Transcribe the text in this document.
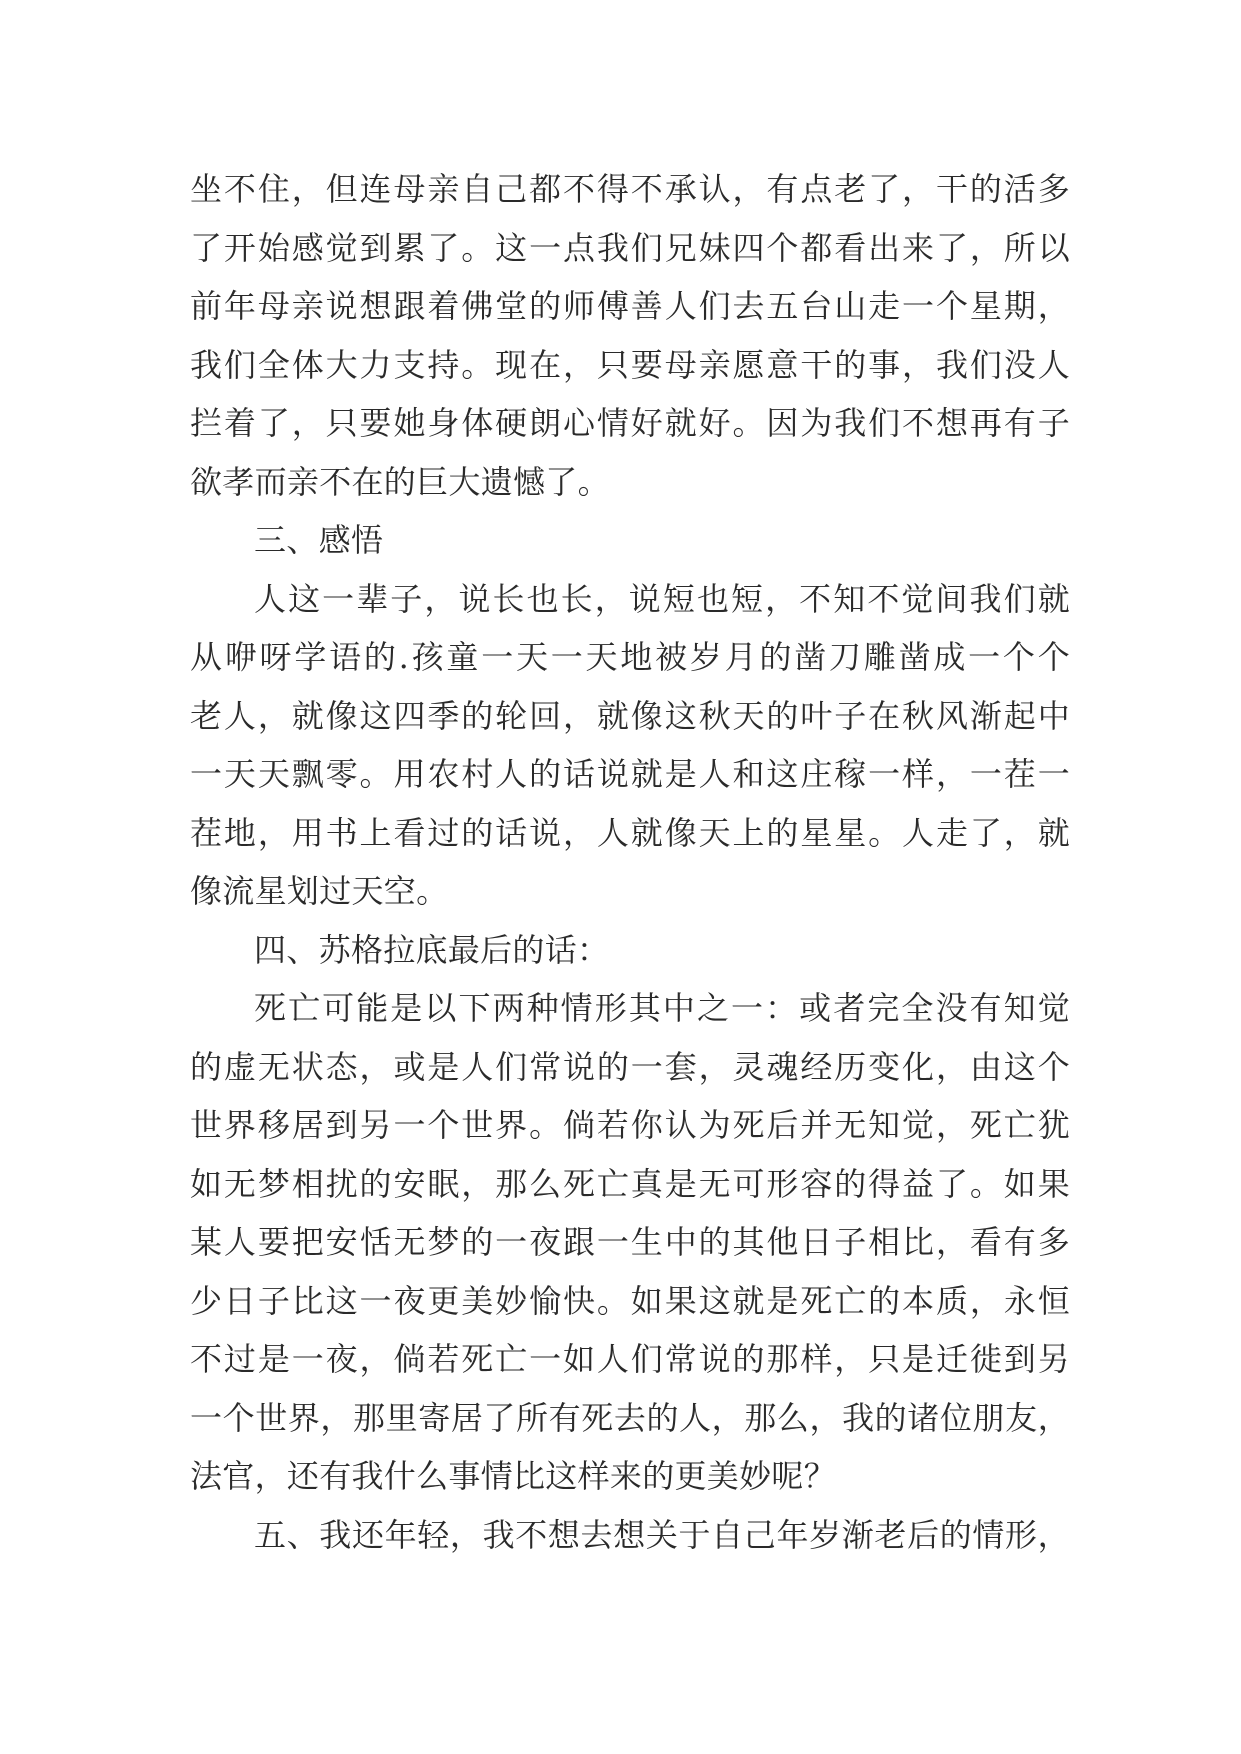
坐不住，但连母亲自己都不得不承认，有点老了，干的活多
了开始感觉到累了。这一点我们兄妹四个都看出来了，所以
前年母亲说想跟着佛堂的师傅善人们去五台山走一个星期，
我们全体大力支持。现在，只要母亲愿意干的事，我们没人
拦着了，只要她身体硬朗心情好就好。因为我们不想再有子
欲孝而亲不在的巨大遗憾了。
三、感悟
人这一辈子，说长也长，说短也短，不知不觉间我们就
从咿呀学语的.孩童一天一天地被岁月的凿刀雕凿成一个个
老人，就像这四季的轮回，就像这秋天的叶子在秋风渐起中
一天天飘零。用农村人的话说就是人和这庄稼一样，一茬一
茬地，用书上看过的话说，人就像天上的星星。人走了，就
像流星划过天空。
四、苏格拉底最后的话：
死亡可能是以下两种情形其中之一：或者完全没有知觉
的虚无状态，或是人们常说的一套，灵魂经历变化，由这个
世界移居到另一个世界。倘若你认为死后并无知觉，死亡犹
如无梦相扰的安眠，那么死亡真是无可形容的得益了。如果
某人要把安恬无梦的一夜跟一生中的其他日子相比，看有多
少日子比这一夜更美妙愉快。如果这就是死亡的本质，永恒
不过是一夜，倘若死亡一如人们常说的那样，只是迁徙到另
一个世界，那里寄居了所有死去的人，那么，我的诸位朋友，
法官，还有我什么事情比这样来的更美妙呢？
五、我还年轻，我不想去想关于自己年岁渐老后的情形，
